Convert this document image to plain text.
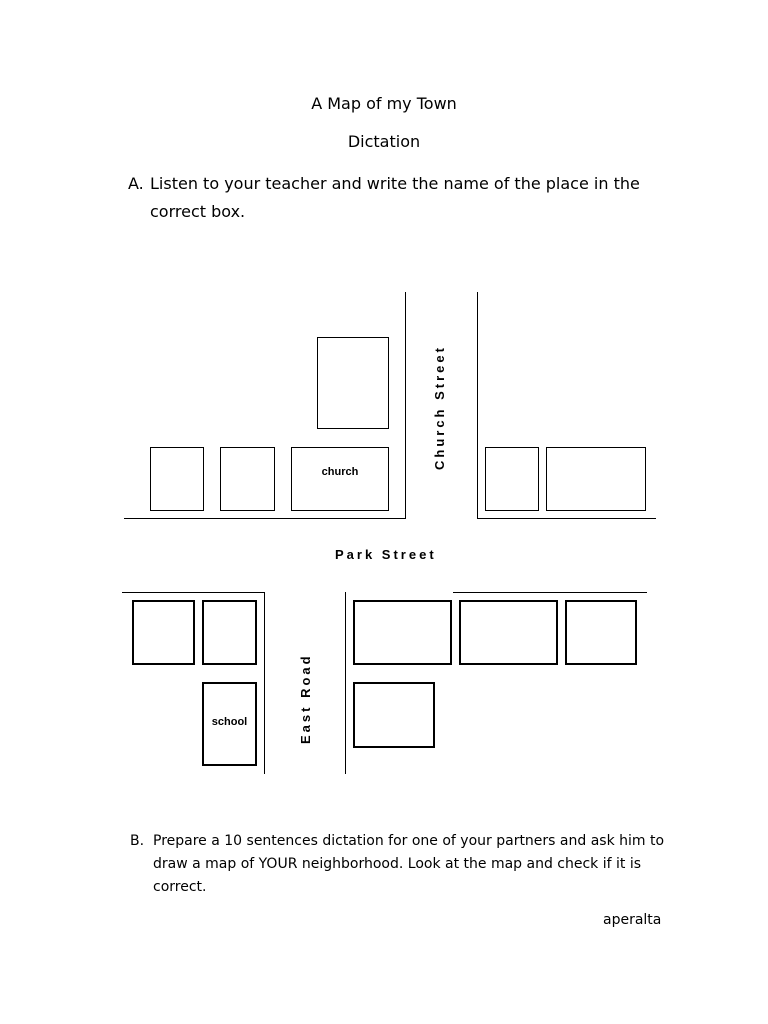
A Map of my Town
Dictation
A. Listen to your teacher and write the name of the place in the
correct box.
church
Church Street
Park Street
school	East Road
B. Prepare a 10 sentences dictation for one of your partners and ask him to draw a map of YOUR neighborhood. Look at the map and check if it is correct.
aperalta
